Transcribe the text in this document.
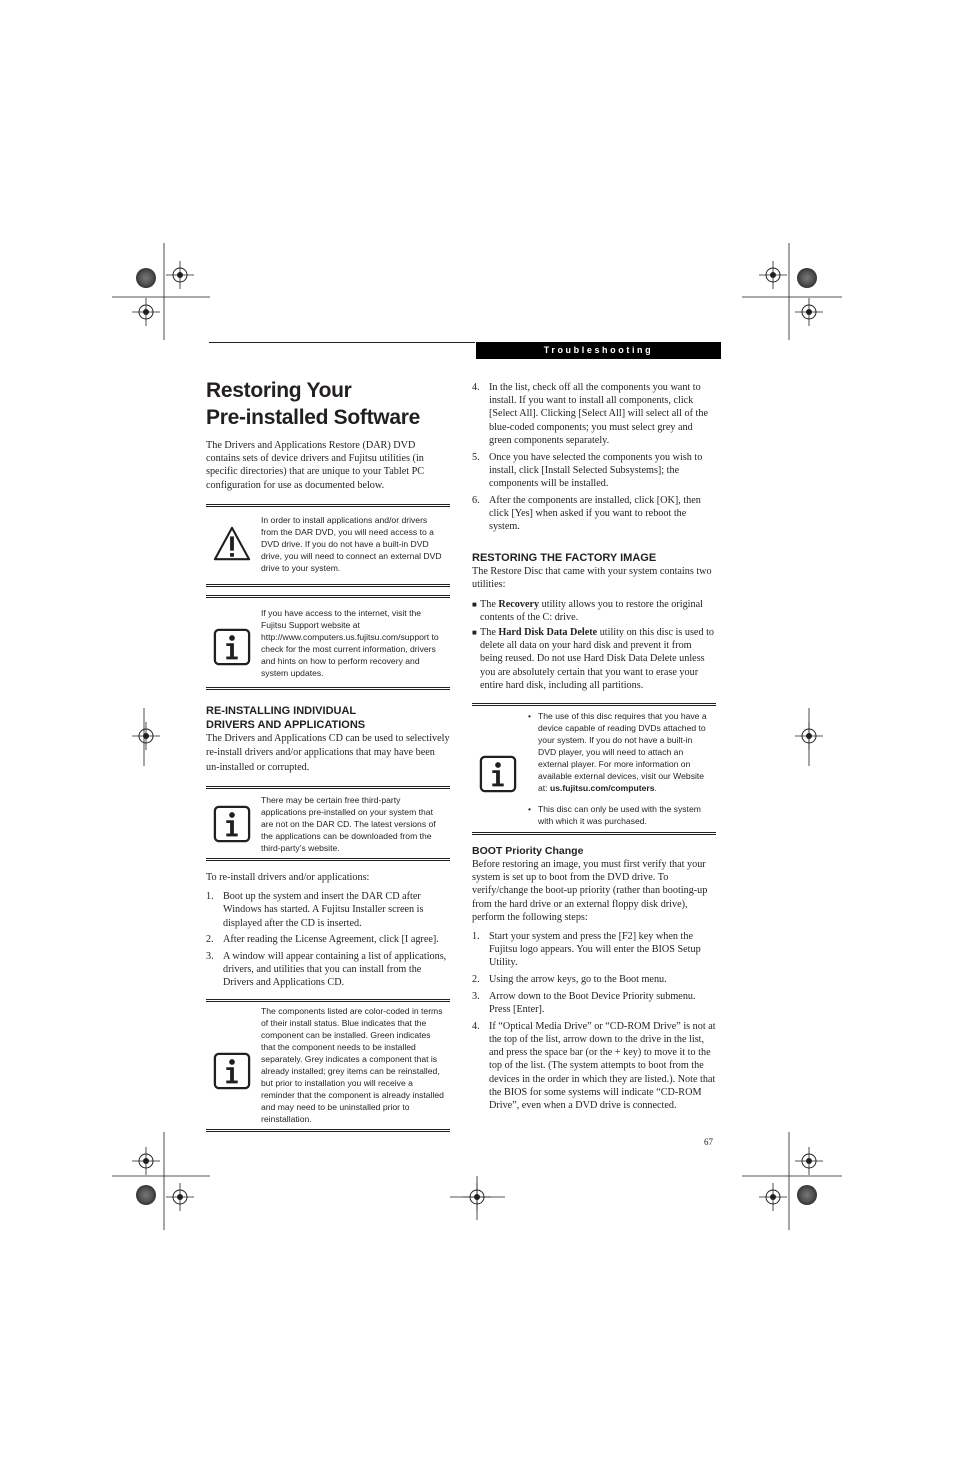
Troubleshooting
Restoring Your
Pre-installed Software

The Drivers and Applications Restore (DAR) DVD contains sets of device drivers and Fujitsu utilities (in specific directories) that are unique to your Tablet PC configuration for use as documented below.

In order to install applications and/or drivers from the DAR DVD, you will need access to a DVD drive. If you do not have a built-in DVD drive, you will need to connect an external DVD drive to your system.
If you have access to the internet, visit the Fujitsu Support website at http://www.computers.us.fujitsu.com/support to check for the most current information, drivers and hints on how to perform recovery and system updates.
RE-INSTALLING INDIVIDUAL
DRIVERS AND APPLICATIONS

The Drivers and Applications CD can be used to selectively re-install drivers and/or applications that may have been un-installed or corrupted.

There may be certain free third-party applications pre-installed on your system that are not on the DAR CD. The latest versions of the applications can be downloaded from the third-party’s website.

To re-install drivers and/or applications:

1. Boot up the system and insert the DAR CD after Windows has started. A Fujitsu Installer screen is displayed after the CD is inserted.
2. After reading the License Agreement, click [I agree].
3. A window will appear containing a list of applications, drivers, and utilities that you can install from the Drivers and Applications CD.
The components listed are color-coded in terms of their install status. Blue indicates that the component can be installed. Green indicates that the component needs to be installed separately. Grey indicates a component that is already installed; grey items can be reinstalled, but prior to installation you will receive a reminder that the component is already installed and may need to be uninstalled prior to reinstallation.
4. In the list, check off all the components you want to install. If you want to install all components, click [Select All]. Clicking [Select All] will select all of the blue-coded components; you must select grey and green components separately.
5. Once you have selected the components you wish to install, click [Install Selected Subsystems]; the components will be installed.
6. After the components are installed, click [OK], then click [Yes] when asked if you want to reboot the system.
RESTORING THE FACTORY IMAGE

The Restore Disc that came with your system contains two utilities:

■ The Recovery utility allows you to restore the original contents of the C: drive.
■ The Hard Disk Data Delete utility on this disc is used to delete all data on your hard disk and prevent it from being reused. Do not use Hard Disk Data Delete unless you are absolutely certain that you want to erase your entire hard disk, including all partitions.
• The use of this disc requires that you have a device capable of reading DVDs attached to your system. If you do not have a built-in DVD player, you will need to attach an external player. For more information on available external devices, visit our Website at: us.fujitsu.com/computers.
• This disc can only be used with the system with which it was purchased.
BOOT Priority Change

Before restoring an image, you must first verify that your system is set up to boot from the DVD drive. To verify/change the boot-up priority (rather than booting-up from the hard drive or an external floppy disk drive), perform the following steps:

1. Start your system and press the [F2] key when the Fujitsu logo appears. You will enter the BIOS Setup Utility.
2. Using the arrow keys, go to the Boot menu.
3. Arrow down to the Boot Device Priority submenu. Press [Enter].
4. If “Optical Media Drive” or “CD-ROM Drive” is not at the top of the list, arrow down to the drive in the list, and press the space bar (or the + key) to move it to the top of the list. (The system attempts to boot from the devices in the order in which they are listed.). Note that the BIOS for some systems will indicate “CD-ROM Drive”, even when a DVD drive is connected.
67
